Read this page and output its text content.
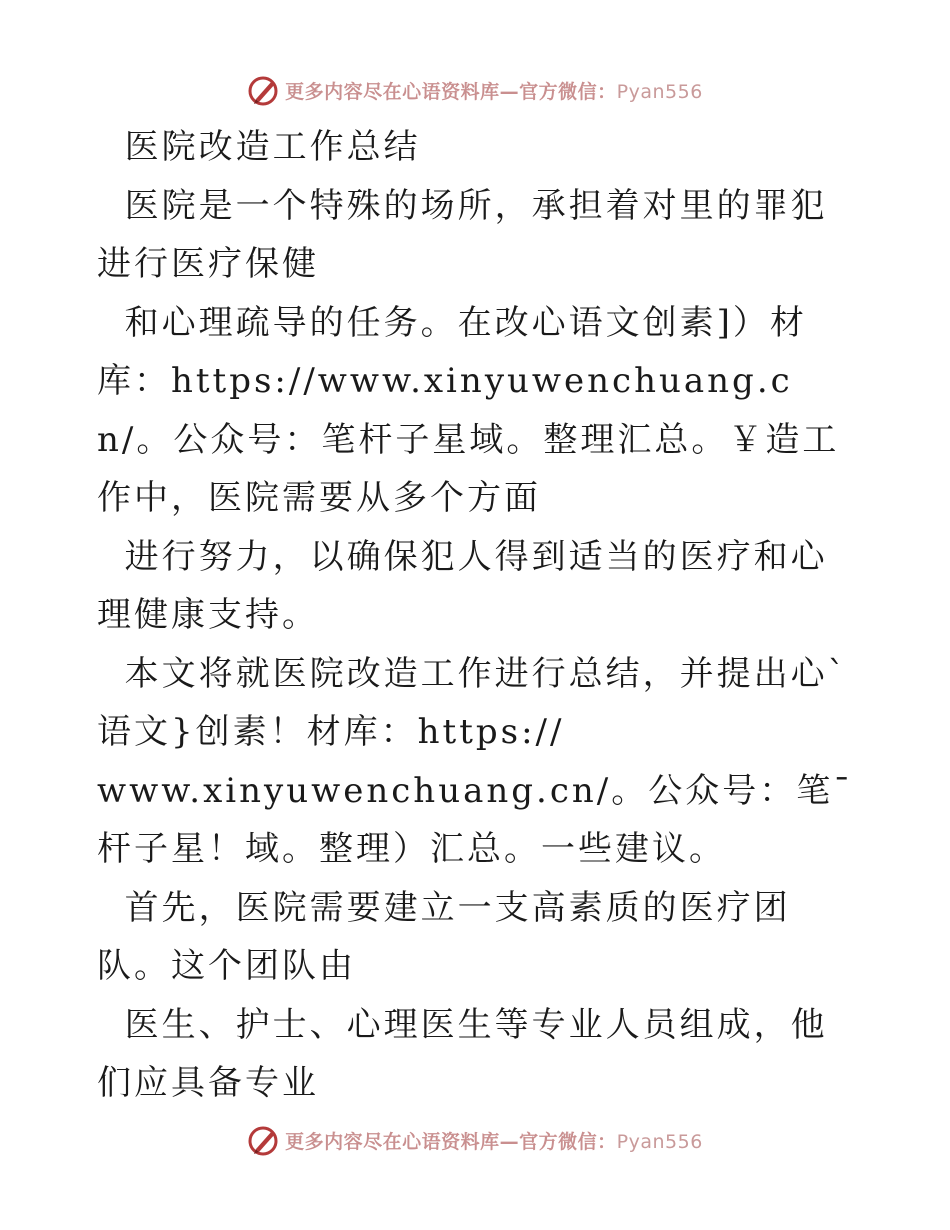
更多内容尽在心语资料库—官方微信：Pyan556

医院改造工作总结

医院是一个特殊的场所，承担着对里的罪犯进行医疗保健

和心理疏导的任务。在改心语文创素]）材库：https://www.xinyuwenchuang.cn/。公众号：笔杆子星域。整理汇总。￥造工作中，医院需要从多个方面

进行努力，以确保犯人得到适当的医疗和心理健康支持。

本文将就医院改造工作进行总结，并提出心`语文}创素！材库：https://
www.xinyuwenchuang.cn/。公众号：笔¯杆子星！域。整理）汇总。一些建议。

首先，医院需要建立一支高素质的医疗团队。这个团队由

医生、护士、心理医生等专业人员组成，他们应具备专业

更多内容尽在心语资料库—官方微信：Pyan556
